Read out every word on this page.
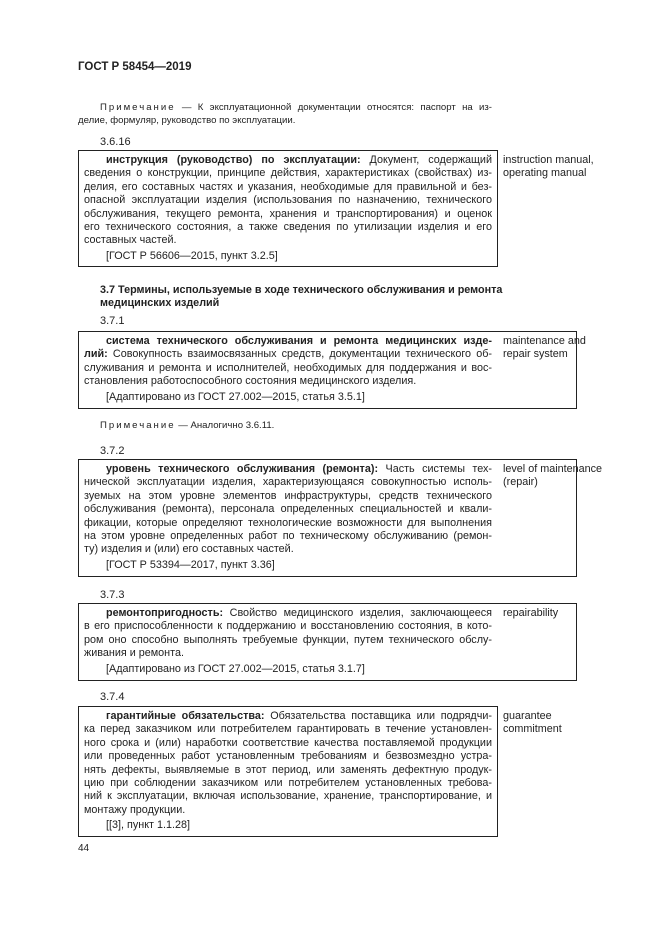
ГОСТ Р 58454—2019
Примечание — К эксплуатационной документации относятся: паспорт на из-
делие, формуляр, руководство по эксплуатации.
3.7 Термины, используемые в ходе технического обслуживания и ремонта
медицинских изделий
Примечание — Аналогично 3.6.11.
3.6.16
инструкция (руководство) по эксплуатации: Документ, содержащий
сведения о конструкции, принципе действия, характеристиках (свойствах) из-
делия, его составных частях и указания, необходимые для правильной и без-
опасной эксплуатации изделия (использования по назначению, технического
обслуживания, текущего ремонта, хранения и транспортирования) и оценок
его технического состояния, а также сведения по утилизации изделия и его
составных частей.
[ГОСТ Р 56606—2015, пункт 3.2.5]
instruction manual,
operating manual
3.7.1
система технического обслуживания и ремонта медицинских изде-
лий: Совокупность взаимосвязанных средств, документации технического об-
служивания и ремонта и исполнителей, необходимых для поддержания и вос-
становления работоспособного состояния медицинского изделия.
[Адаптировано из ГОСТ 27.002—2015, статья 3.5.1]
maintenance and
repair system
3.7.2
уровень технического обслуживания (ремонта): Часть системы тех-
нической эксплуатации изделия, характеризующаяся совокупностью исполь-
зуемых на этом уровне элементов инфраструктуры, средств технического
обслуживания (ремонта), персонала определенных специальностей и квали-
фикации, которые определяют технологические возможности для выполнения
на этом уровне определенных работ по техническому обслуживанию (ремон-
ту) изделия и (или) его составных частей.
[ГОСТ Р 53394—2017, пункт 3.36]
level of maintenance
(repair)
3.7.3
ремонтопригодность: Свойство медицинского изделия, заключающееся
в его приспособленности к поддержанию и восстановлению состояния, в кото-
ром оно способно выполнять требуемые функции, путем технического обслу-
живания и ремонта.
[Адаптировано из ГОСТ 27.002—2015, статья 3.1.7]
repairability
3.7.4
гарантийные обязательства: Обязательства поставщика или подрядчи-
ка перед заказчиком или потребителем гарантировать в течение установлен-
ного срока и (или) наработки соответствие качества поставляемой продукции
или проведенных работ установленным требованиям и безвозмездно устра-
нять дефекты, выявляемые в этот период, или заменять дефектную продук-
цию при соблюдении заказчиком или потребителем установленных требова-
ний к эксплуатации, включая использование, хранение, транспортирование, и
монтажу продукции.
[[3], пункт 1.1.28]
guarantee
commitment
44
